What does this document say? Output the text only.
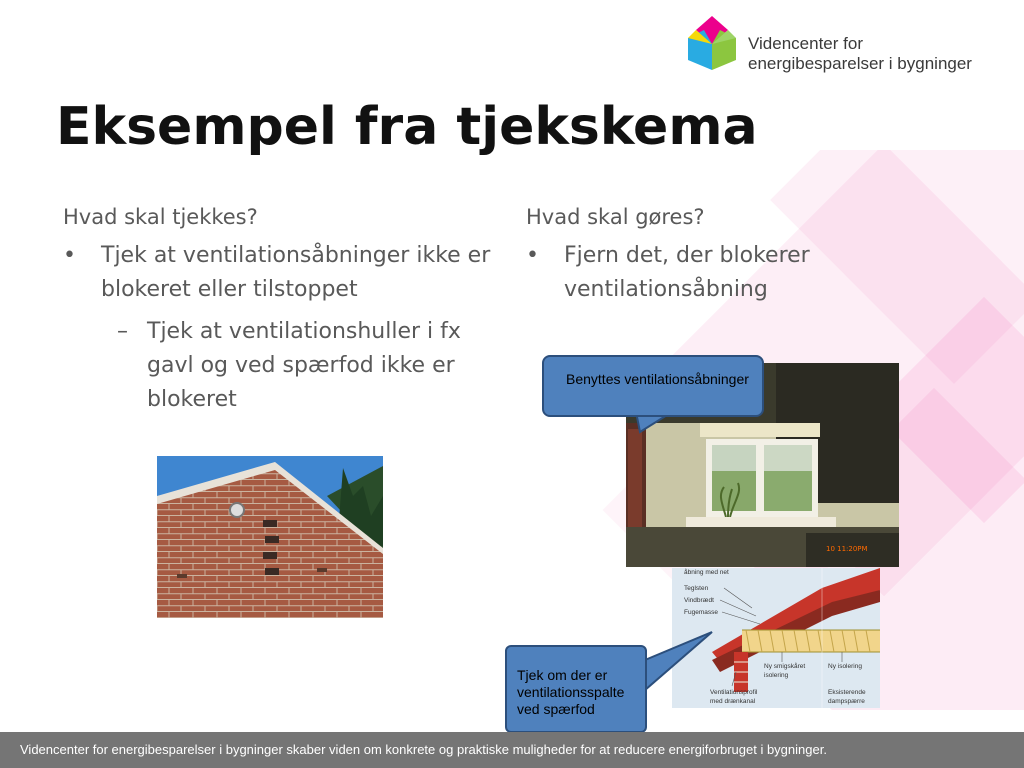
Videncenter for
energibesparelser i bygninger
Eksempel fra tjekskema
Hvad skal tjekkes?
• Tjek at ventilationsåbninger ikke er blokeret eller tilstoppet
– Tjek at ventilationshuller i fx gavl og ved spærfod ikke er blokeret
Hvad skal gøres?
• Fjern det, der blokerer ventilationsåbning
10 11:20PM
åbning med net
Teglsten
Vindbrædt
Fugemasse
Ny smigskåret
isolering
Ny isolering
Ventilationsprofil
med drænkanal
Eksisterende
dampspærre
Benyttes ventilationsåbninger
Tjek om der er ventilationsspalte ved spærfod
Videncenter for energibesparelser i bygninger skaber viden om konkrete og praktiske muligheder for at reducere energiforbruget i bygninger.
